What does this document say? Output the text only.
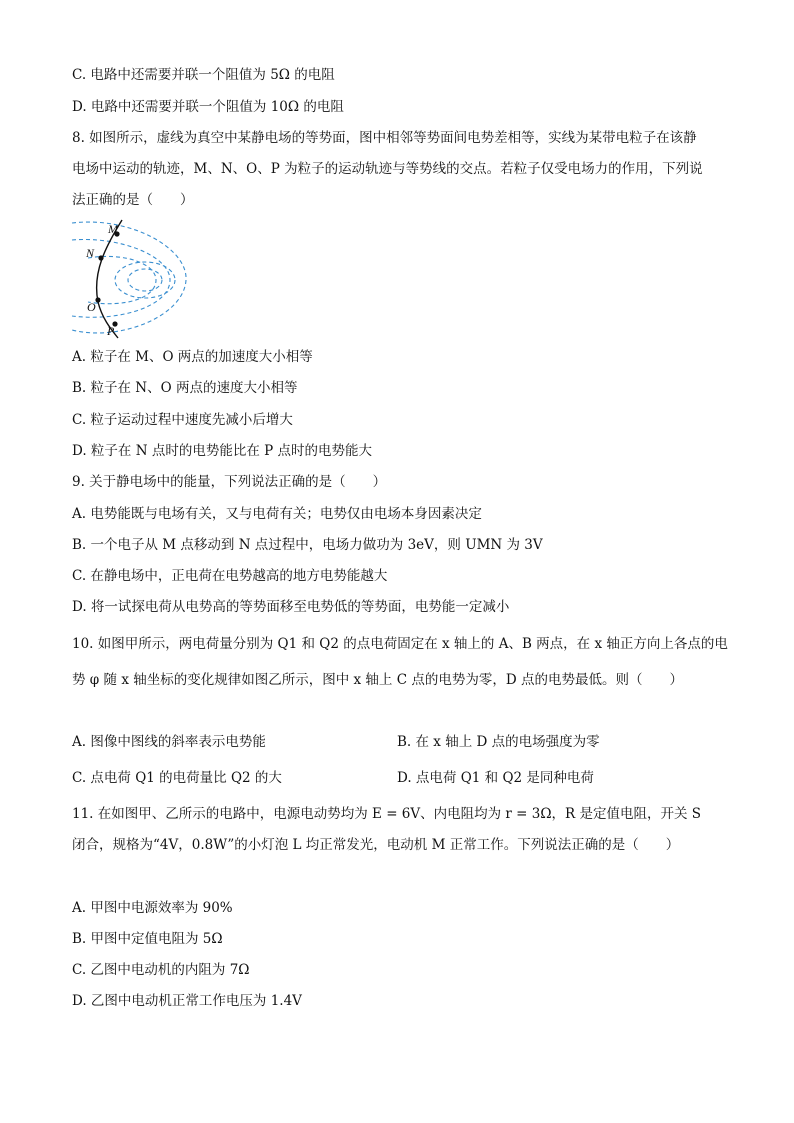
C. 电路中还需要并联一个阻值为 5Ω 的电阻
D. 电路中还需要并联一个阻值为 10Ω 的电阻
8. 如图所示，虚线为真空中某静电场的等势面，图中相邻等势面间电势差相等，实线为某带电粒子在该静
电场中运动的轨迹，M、N、O、P 为粒子的运动轨迹与等势线的交点。若粒子仅受电场力的作用，下列说
法正确的是（　　）
M
N
O
P
A. 粒子在 M、O 两点的加速度大小相等
B. 粒子在 N、O 两点的速度大小相等
C. 粒子运动过程中速度先减小后增大
D. 粒子在 N 点时的电势能比在 P 点时的电势能大
9. 关于静电场中的能量，下列说法正确的是（　　）
A. 电势能既与电场有关，又与电荷有关；电势仅由电场本身因素决定
B. 一个电子从 M 点移动到 N 点过程中，电场力做功为 3eV，则 UMN 为 3V
C. 在静电场中，正电荷在电势越高的地方电势能越大
D. 将一试探电荷从电势高的等势面移至电势低的等势面，电势能一定减小
10. 如图甲所示，两电荷量分别为 Q1 和 Q2 的点电荷固定在 x 轴上的 A、B 两点，在 x 轴正方向上各点的电
势 φ 随 x 轴坐标的变化规律如图乙所示，图中 x 轴上 C 点的电势为零，D 点的电势最低。则（　　）
A. 图像中图线的斜率表示电势能	B. 在 x 轴上 D 点的电场强度为零
C. 点电荷 Q1 的电荷量比 Q2 的大	D. 点电荷 Q1 和 Q2 是同种电荷
11. 在如图甲、乙所示的电路中，电源电动势均为 E = 6V、内电阻均为 r = 3Ω，R 是定值电阻，开关 S
闭合，规格为“4V，0.8W”的小灯泡 L 均正常发光，电动机 M 正常工作。下列说法正确的是（　　）
A. 甲图中电源效率为 90%
B. 甲图中定值电阻为 5Ω
C. 乙图中电动机的内阻为 7Ω
D. 乙图中电动机正常工作电压为 1.4V
